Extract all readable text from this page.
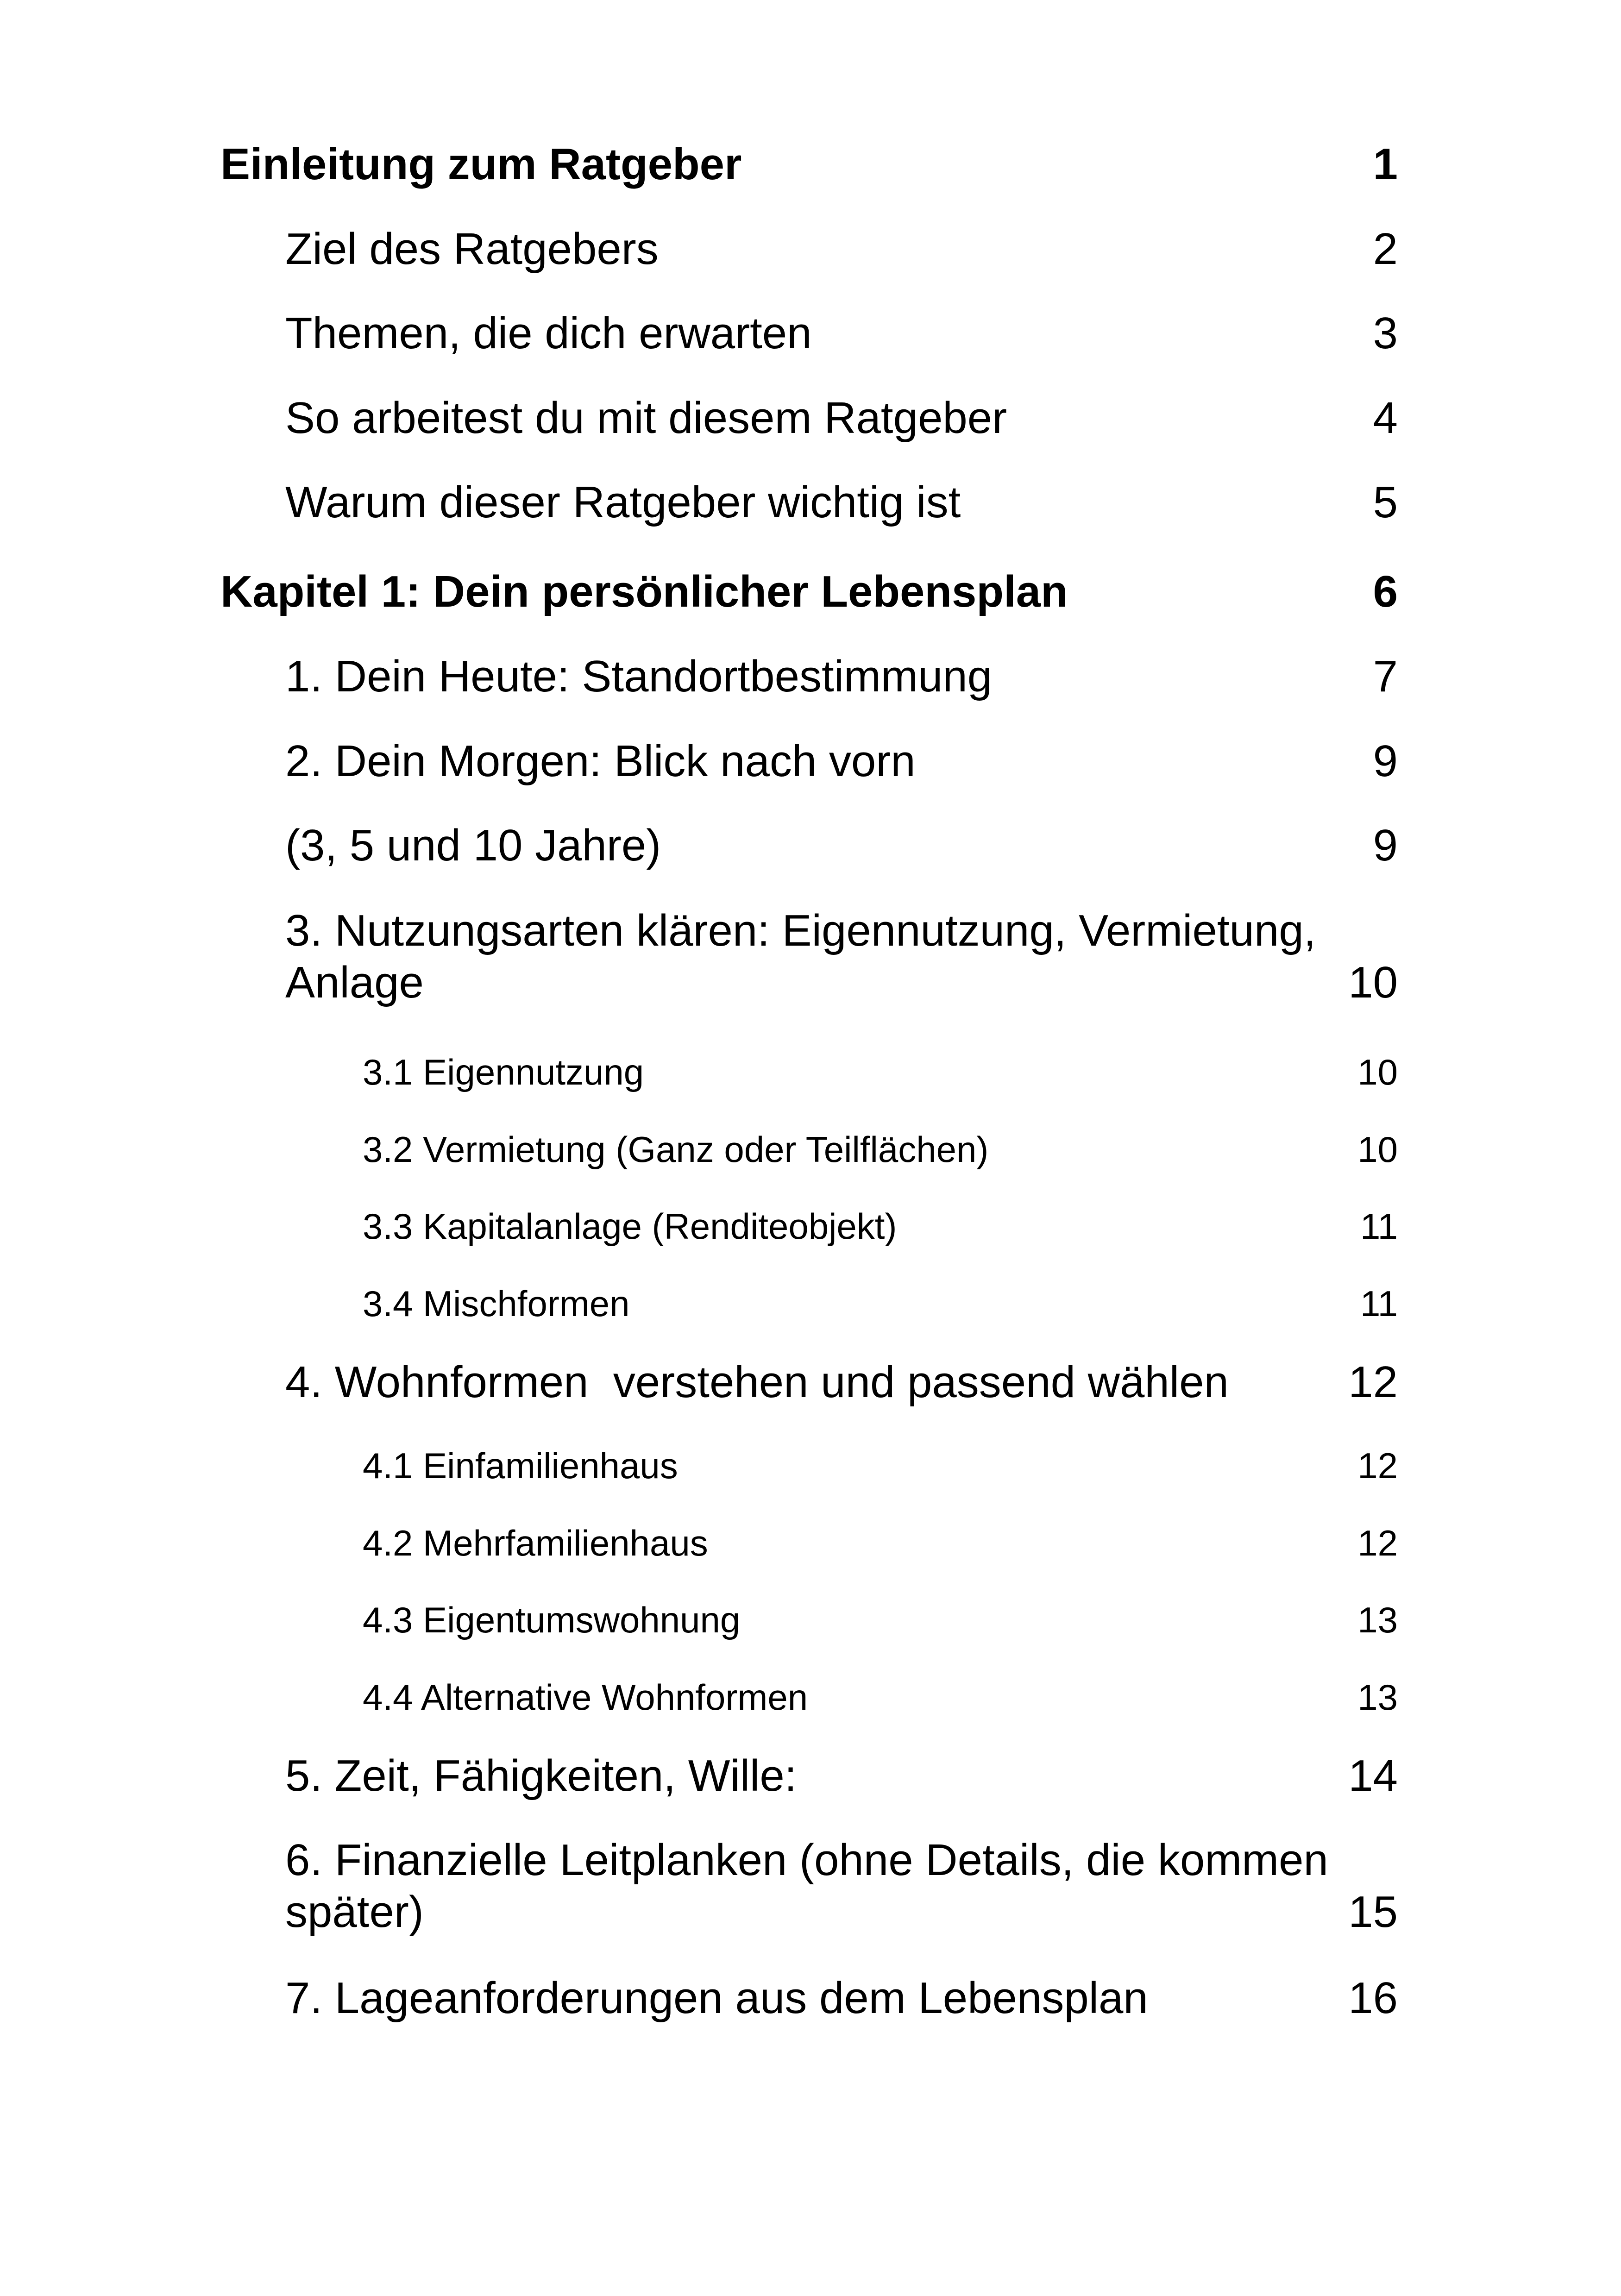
Einleitung zum Ratgeber	1
Ziel des Ratgebers	2
Themen, die dich erwarten	3
So arbeitest du mit diesem Ratgeber	4
Warum dieser Ratgeber wichtig ist	5
Kapitel 1: Dein persönlicher Lebensplan	6
1. Dein Heute: Standortbestimmung	7
2. Dein Morgen: Blick nach vorn	9
(3, 5 und 10 Jahre)	9
3. Nutzungsarten klären: Eigennutzung, Vermietung,
Anlage	10
3.1 Eigennutzung	10
3.2 Vermietung (Ganz oder Teilflächen)	10
3.3 Kapitalanlage (Renditeobjekt)	11
3.4 Mischformen	11
4. Wohnformen  verstehen und passend wählen	12
4.1 Einfamilienhaus	12
4.2 Mehrfamilienhaus	12
4.3 Eigentumswohnung	13
4.4 Alternative Wohnformen	13
5. Zeit, Fähigkeiten, Wille:	14
6. Finanzielle Leitplanken (ohne Details, die kommen
später)	15
7. Lageanforderungen aus dem Lebensplan	16
